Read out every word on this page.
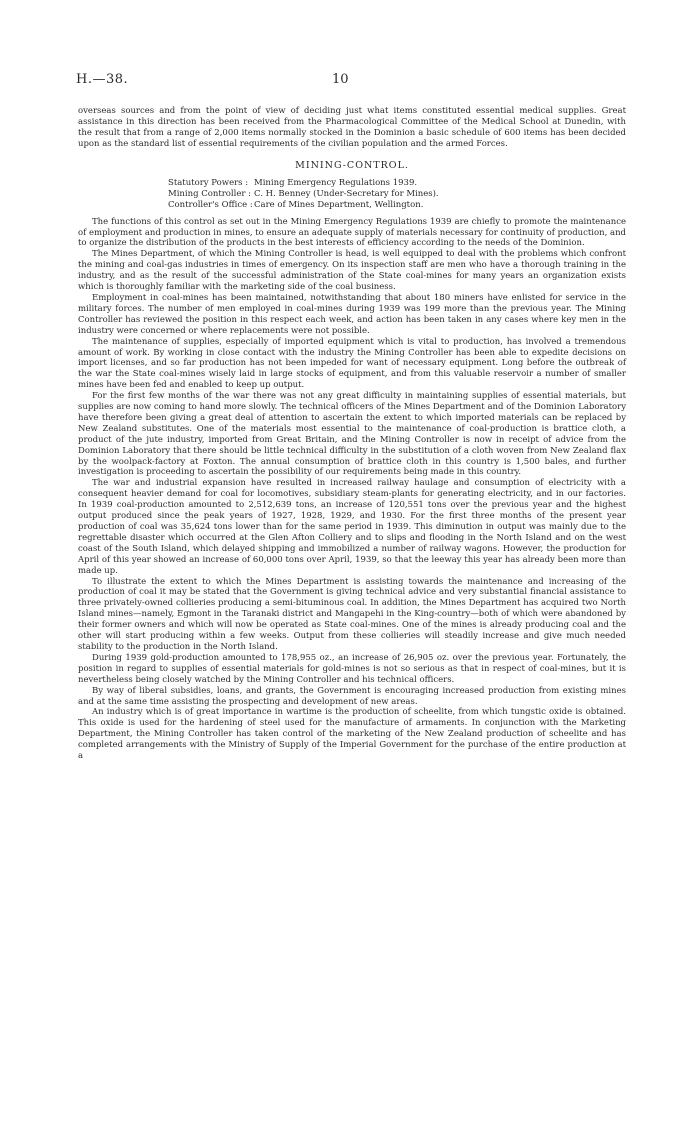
H.—38.	10

overseas sources and from the point of view of deciding just what items constituted essential medical supplies. Great assistance in this direction has been received from the Pharmacological Committee of the Medical School at Dunedin, with the result that from a range of 2,000 items normally stocked in the Dominion a basic schedule of 600 items has been decided upon as the standard list of essential requirements of the civilian population and the armed Forces.

MINING-CONTROL.
Statutory Powers : Mining Emergency Regulations 1939.
Mining Controller : C. H. Benney (Under-Secretary for Mines).
Controller's Office : Care of Mines Department, Wellington.

The functions of this control as set out in the Mining Emergency Regulations 1939 are chiefly to promote the maintenance of employment and production in mines, to ensure an adequate supply of materials necessary for continuity of production, and to organize the distribution of the products in the best interests of efficiency according to the needs of the Dominion.

The Mines Department, of which the Mining Controller is head, is well equipped to deal with the problems which confront the mining and coal-gas industries in times of emergency. On its inspection staff are men who have a thorough training in the industry, and as the result of the successful administration of the State coal-mines for many years an organization exists which is thoroughly familiar with the marketing side of the coal business.

Employment in coal-mines has been maintained, notwithstanding that about 180 miners have enlisted for service in the military forces. The number of men employed in coal-mines during 1939 was 199 more than the previous year. The Mining Controller has reviewed the position in this respect each week, and action has been taken in any cases where key men in the industry were concerned or where replacements were not possible.

The maintenance of supplies, especially of imported equipment which is vital to production, has involved a tremendous amount of work. By working in close contact with the industry the Mining Controller has been able to expedite decisions on import licenses, and so far production has not been impeded for want of necessary equipment. Long before the outbreak of the war the State coal-mines wisely laid in large stocks of equipment, and from this valuable reservoir a number of smaller mines have been fed and enabled to keep up output.

For the first few months of the war there was not any great difficulty in maintaining supplies of essential materials, but supplies are now coming to hand more slowly. The technical officers of the Mines Department and of the Dominion Laboratory have therefore been giving a great deal of attention to ascertain the extent to which imported materials can be replaced by New Zealand substitutes. One of the materials most essential to the maintenance of coal-production is brattice cloth, a product of the jute industry, imported from Great Britain, and the Mining Controller is now in receipt of advice from the Dominion Laboratory that there should be little technical difficulty in the substitution of a cloth woven from New Zealand flax by the woolpack-factory at Foxton. The annual consumption of brattice cloth in this country is 1,500 bales, and further investigation is proceeding to ascertain the possibility of our requirements being made in this country.

The war and industrial expansion have resulted in increased railway haulage and consumption of electricity with a consequent heavier demand for coal for locomotives, subsidiary steam-plants for generating electricity, and in our factories. In 1939 coal-production amounted to 2,512,639 tons, an increase of 120,551 tons over the previous year and the highest output produced since the peak years of 1927, 1928, 1929, and 1930. For the first three months of the present year production of coal was 35,624 tons lower than for the same period in 1939. This diminution in output was mainly due to the regrettable disaster which occurred at the Glen Afton Colliery and to slips and flooding in the North Island and on the west coast of the South Island, which delayed shipping and immobilized a number of railway wagons. However, the production for April of this year showed an increase of 60,000 tons over April, 1939, so that the leeway this year has already been more than made up.

To illustrate the extent to which the Mines Department is assisting towards the maintenance and increasing of the production of coal it may be stated that the Government is giving technical advice and very substantial financial assistance to three privately-owned collieries producing a semi-bituminous coal. In addition, the Mines Department has acquired two North Island mines—namely, Egmont in the Taranaki district and Mangapehi in the King-country—both of which were abandoned by their former owners and which will now be operated as State coal-mines. One of the mines is already producing coal and the other will start producing within a few weeks. Output from these collieries will steadily increase and give much needed stability to the production in the North Island.

During 1939 gold-production amounted to 178,955 oz., an increase of 26,905 oz. over the previous year. Fortunately, the position in regard to supplies of essential materials for gold-mines is not so serious as that in respect of coal-mines, but it is nevertheless being closely watched by the Mining Controller and his technical officers.

By way of liberal subsidies, loans, and grants, the Government is encouraging increased production from existing mines and at the same time assisting the prospecting and development of new areas.

An industry which is of great importance in wartime is the production of scheelite, from which tungstic oxide is obtained. This oxide is used for the hardening of steel used for the manufacture of armaments. In conjunction with the Marketing Department, the Mining Controller has taken control of the marketing of the New Zealand production of scheelite and has completed arrangements with the Ministry of Supply of the Imperial Government for the purchase of the entire production at a
